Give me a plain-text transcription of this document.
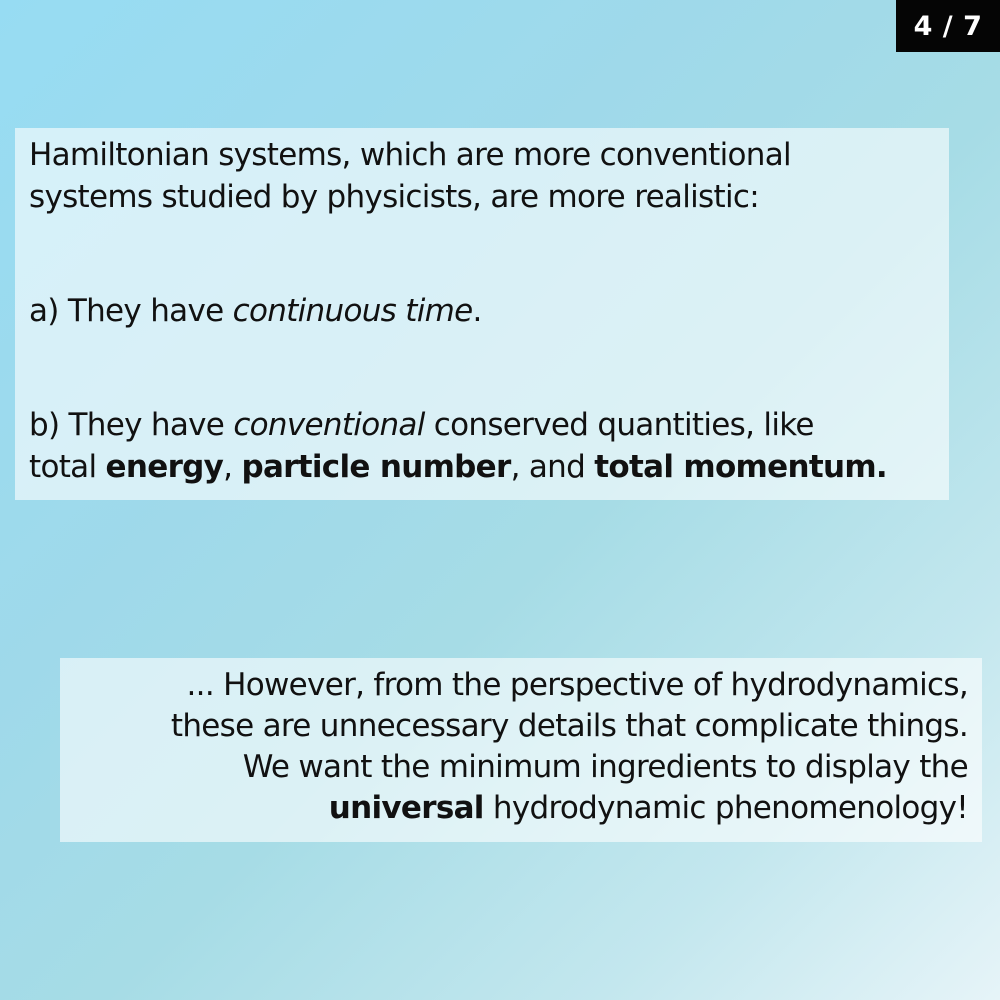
4 / 7

Hamiltonian systems, which are more conventional

systems studied by physicists, are more realistic:

a) They have continuous time.

b) They have conventional conserved quantities, like

total energy, particle number, and total momentum.

... However, from the perspective of hydrodynamics,

these are unnecessary details that complicate things.

We want the minimum ingredients to display the

universal hydrodynamic phenomenology!
